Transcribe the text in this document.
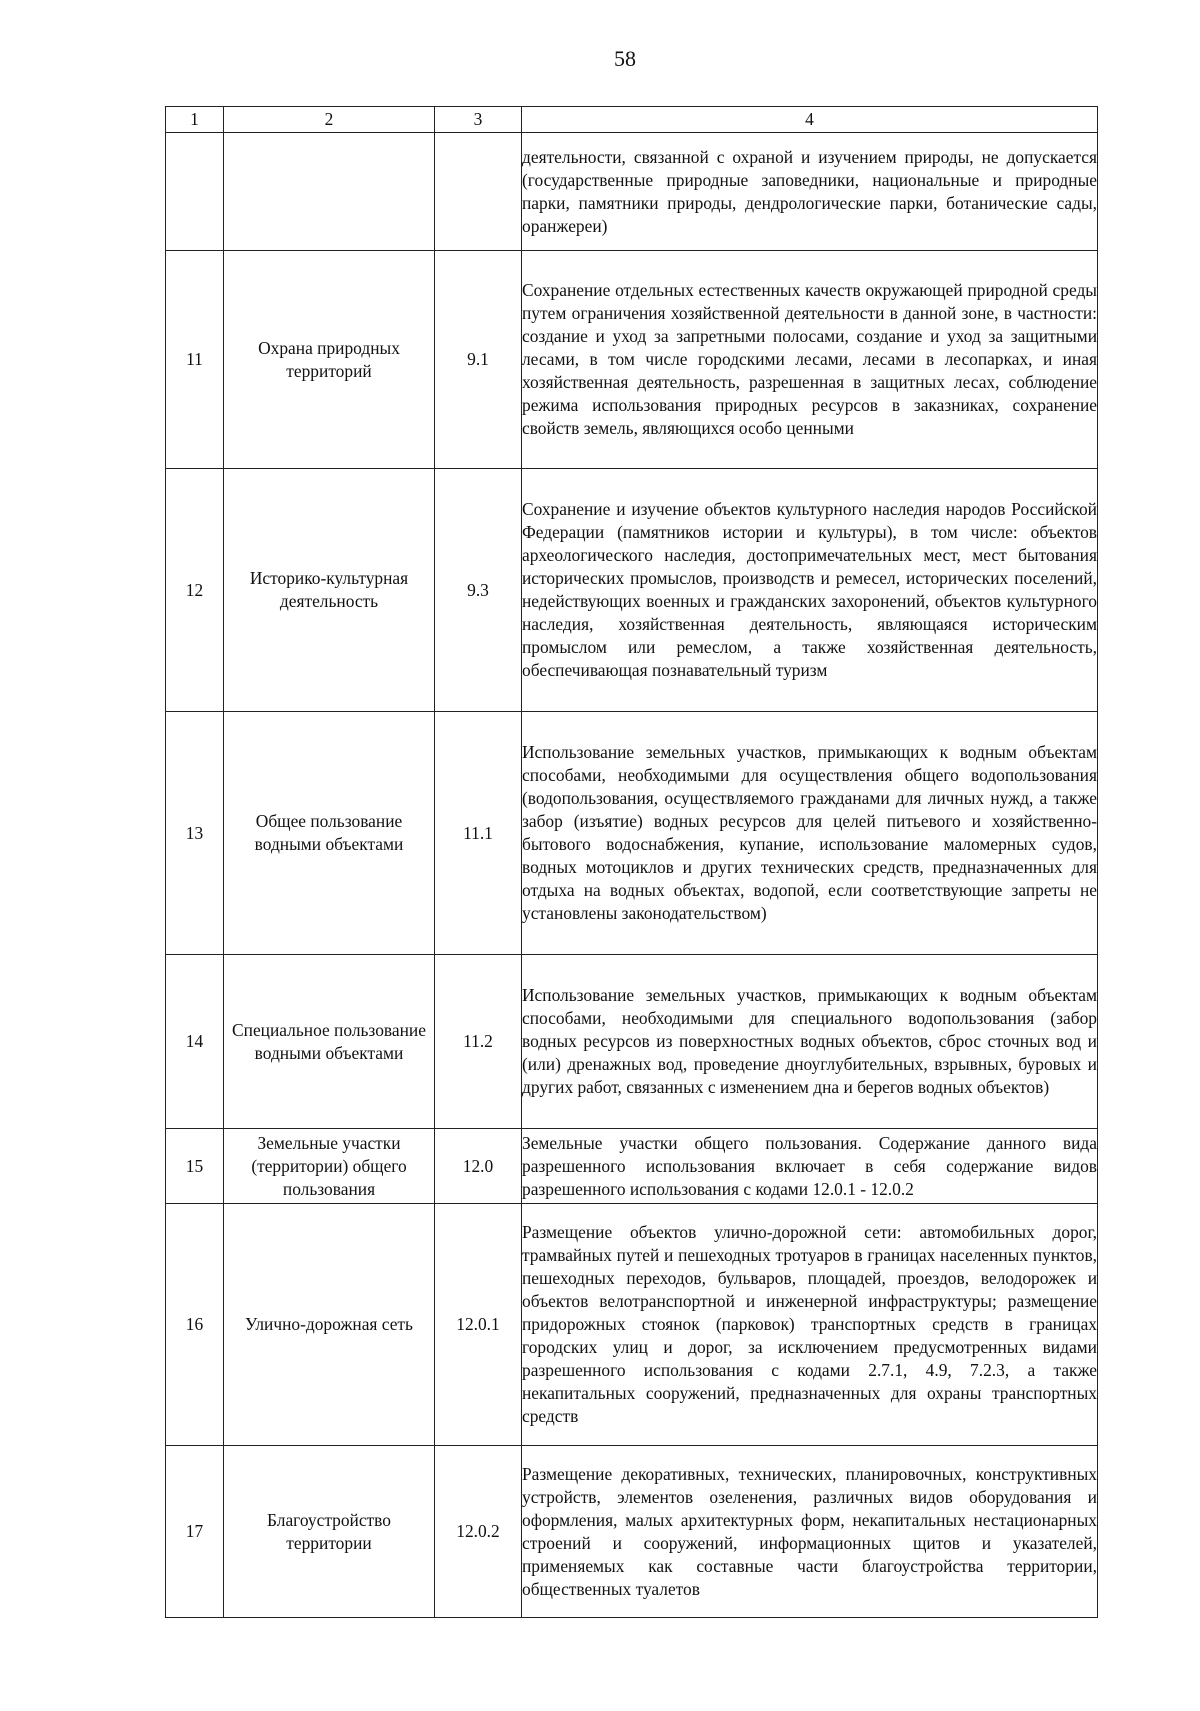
58
1	2	3	4
			деятельности, связанной с охраной и изучением природы, не допускается (государственные природные заповедники, национальные и природные парки, памятники природы, дендрологические парки, ботанические сады, оранжереи)
11	Охрана природных территорий	9.1	Сохранение отдельных естественных качеств окружающей природной среды путем ограничения хозяйственной деятельности в данной зоне, в частности: создание и уход за запретными полосами, создание и уход за защитными лесами, в том числе городскими лесами, лесами в лесопарках, и иная хозяйственная деятельность, разрешенная в защитных лесах, соблюдение режима использования природных ресурсов в заказниках, сохранение свойств земель, являющихся особо ценными
12	Историко-культурная деятельность	9.3	Сохранение и изучение объектов культурного наследия народов Российской Федерации (памятников истории и культуры), в том числе: объектов археологического наследия, достопримечательных мест, мест бытования исторических промыслов, производств и ремесел, исторических поселений, недействующих военных и гражданских захоронений, объектов культурного наследия, хозяйственная деятельность, являющаяся историческим промыслом или ремеслом, а также хозяйственная деятельность, обеспечивающая познавательный туризм
13	Общее пользование водными объектами	11.1	Использование земельных участков, примыкающих к водным объектам способами, необходимыми для осуществления общего водопользования (водопользования, осуществляемого гражданами для личных нужд, а также забор (изъятие) водных ресурсов для целей питьевого и хозяйственно-бытового водоснабжения, купание, использование маломерных судов, водных мотоциклов и других технических средств, предназначенных для отдыха на водных объектах, водопой, если соответствующие запреты не установлены законодательством)
14	Специальное пользование водными объектами	11.2	Использование земельных участков, примыкающих к водным объектам способами, необходимыми для специального водопользования (забор водных ресурсов из поверхностных водных объектов, сброс сточных вод и (или) дренажных вод, проведение дноуглубительных, взрывных, буровых и других работ, связанных с изменением дна и берегов водных объектов)
15	Земельные участки (территории) общего пользования	12.0	Земельные участки общего пользования. Содержание данного вида разрешенного использования включает в себя содержание видов разрешенного использования с кодами 12.0.1 - 12.0.2
16	Улично-дорожная сеть	12.0.1	Размещение объектов улично-дорожной сети: автомобильных дорог, трамвайных путей и пешеходных тротуаров в границах населенных пунктов, пешеходных переходов, бульваров, площадей, проездов, велодорожек и объектов велотранспортной и инженерной инфраструктуры; размещение придорожных стоянок (парковок) транспортных средств в границах городских улиц и дорог, за исключением предусмотренных видами разрешенного использования с кодами 2.7.1, 4.9, 7.2.3, а также некапитальных сооружений, предназначенных для охраны транспортных средств
17	Благоустройство территории	12.0.2	Размещение декоративных, технических, планировочных, конструктивных устройств, элементов озеленения, различных видов оборудования и оформления, малых архитектурных форм, некапитальных нестационарных строений и сооружений, информационных щитов и указателей, применяемых как составные части благоустройства территории, общественных туалетов
